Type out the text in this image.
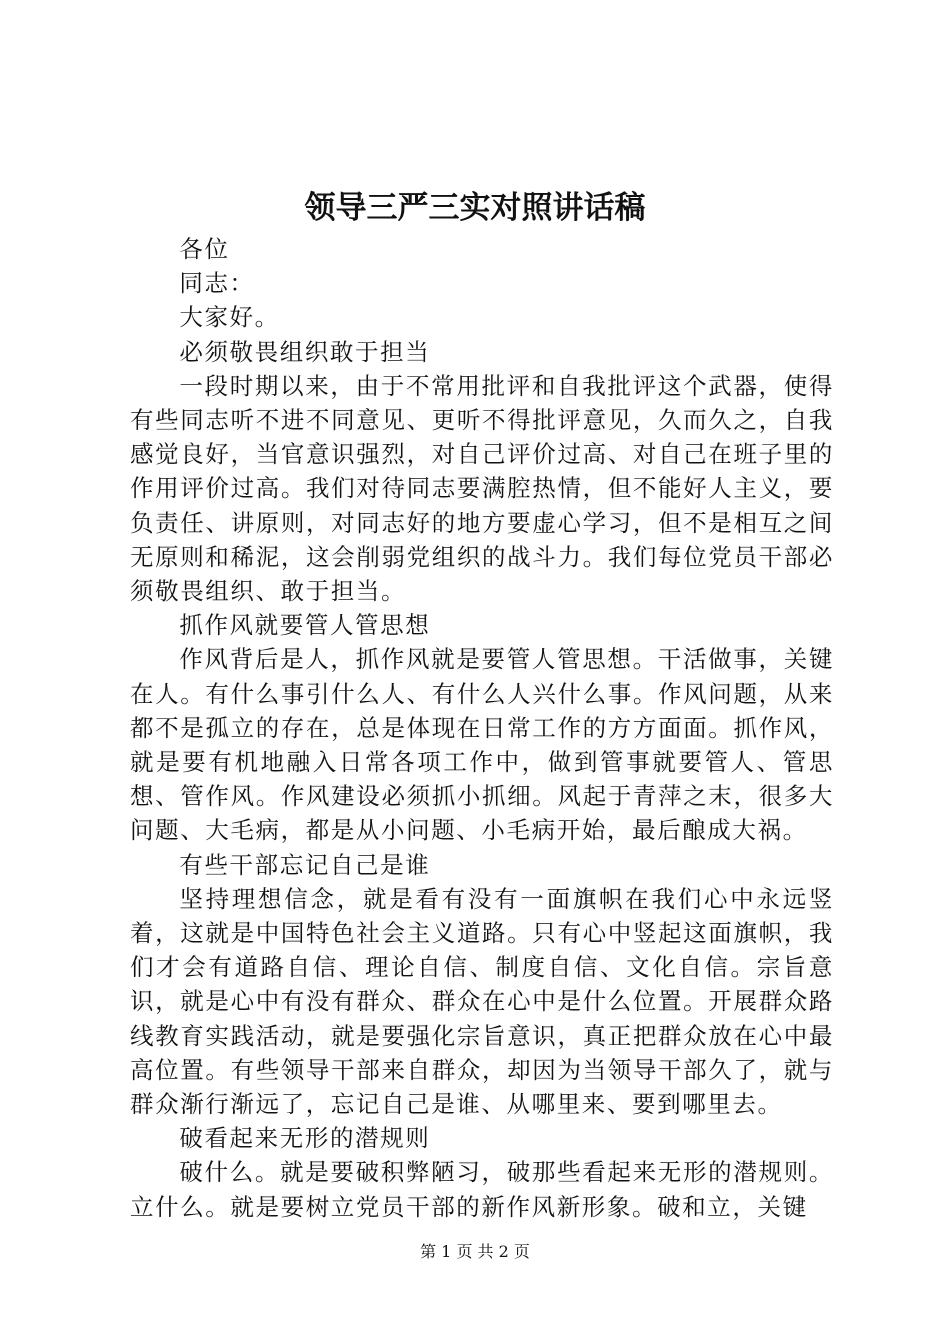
领导三严三实对照讲话稿

各位

同志：

大家好。

必须敬畏组织敢于担当

一段时期以来，由于不常用批评和自我批评这个武器，使得有些同志听不进不同意见、更听不得批评意见，久而久之，自我感觉良好，当官意识强烈，对自己评价过高、对自己在班子里的作用评价过高。我们对待同志要满腔热情，但不能好人主义，要负责任、讲原则，对同志好的地方要虚心学习，但不是相互之间无原则和稀泥，这会削弱党组织的战斗力。我们每位党员干部必须敬畏组织、敢于担当。

抓作风就要管人管思想

作风背后是人，抓作风就是要管人管思想。干活做事，关键在人。有什么事引什么人、有什么人兴什么事。作风问题，从来都不是孤立的存在，总是体现在日常工作的方方面面。抓作风，就是要有机地融入日常各项工作中，做到管事就要管人、管思想、管作风。作风建设必须抓小抓细。风起于青萍之末，很多大问题、大毛病，都是从小问题、小毛病开始，最后酿成大祸。

有些干部忘记自己是谁

坚持理想信念，就是看有没有一面旗帜在我们心中永远竖着，这就是中国特色社会主义道路。只有心中竖起这面旗帜，我们才会有道路自信、理论自信、制度自信、文化自信。宗旨意识，就是心中有没有群众、群众在心中是什么位置。开展群众路线教育实践活动，就是要强化宗旨意识，真正把群众放在心中最高位置。有些领导干部来自群众，却因为当领导干部久了，就与群众渐行渐远了，忘记自己是谁、从哪里来、要到哪里去。

破看起来无形的潜规则

破什么。就是要破积弊陋习，破那些看起来无形的潜规则。立什么。就是要树立党员干部的新作风新形象。破和立，关键

第 1 页 共 2 页
